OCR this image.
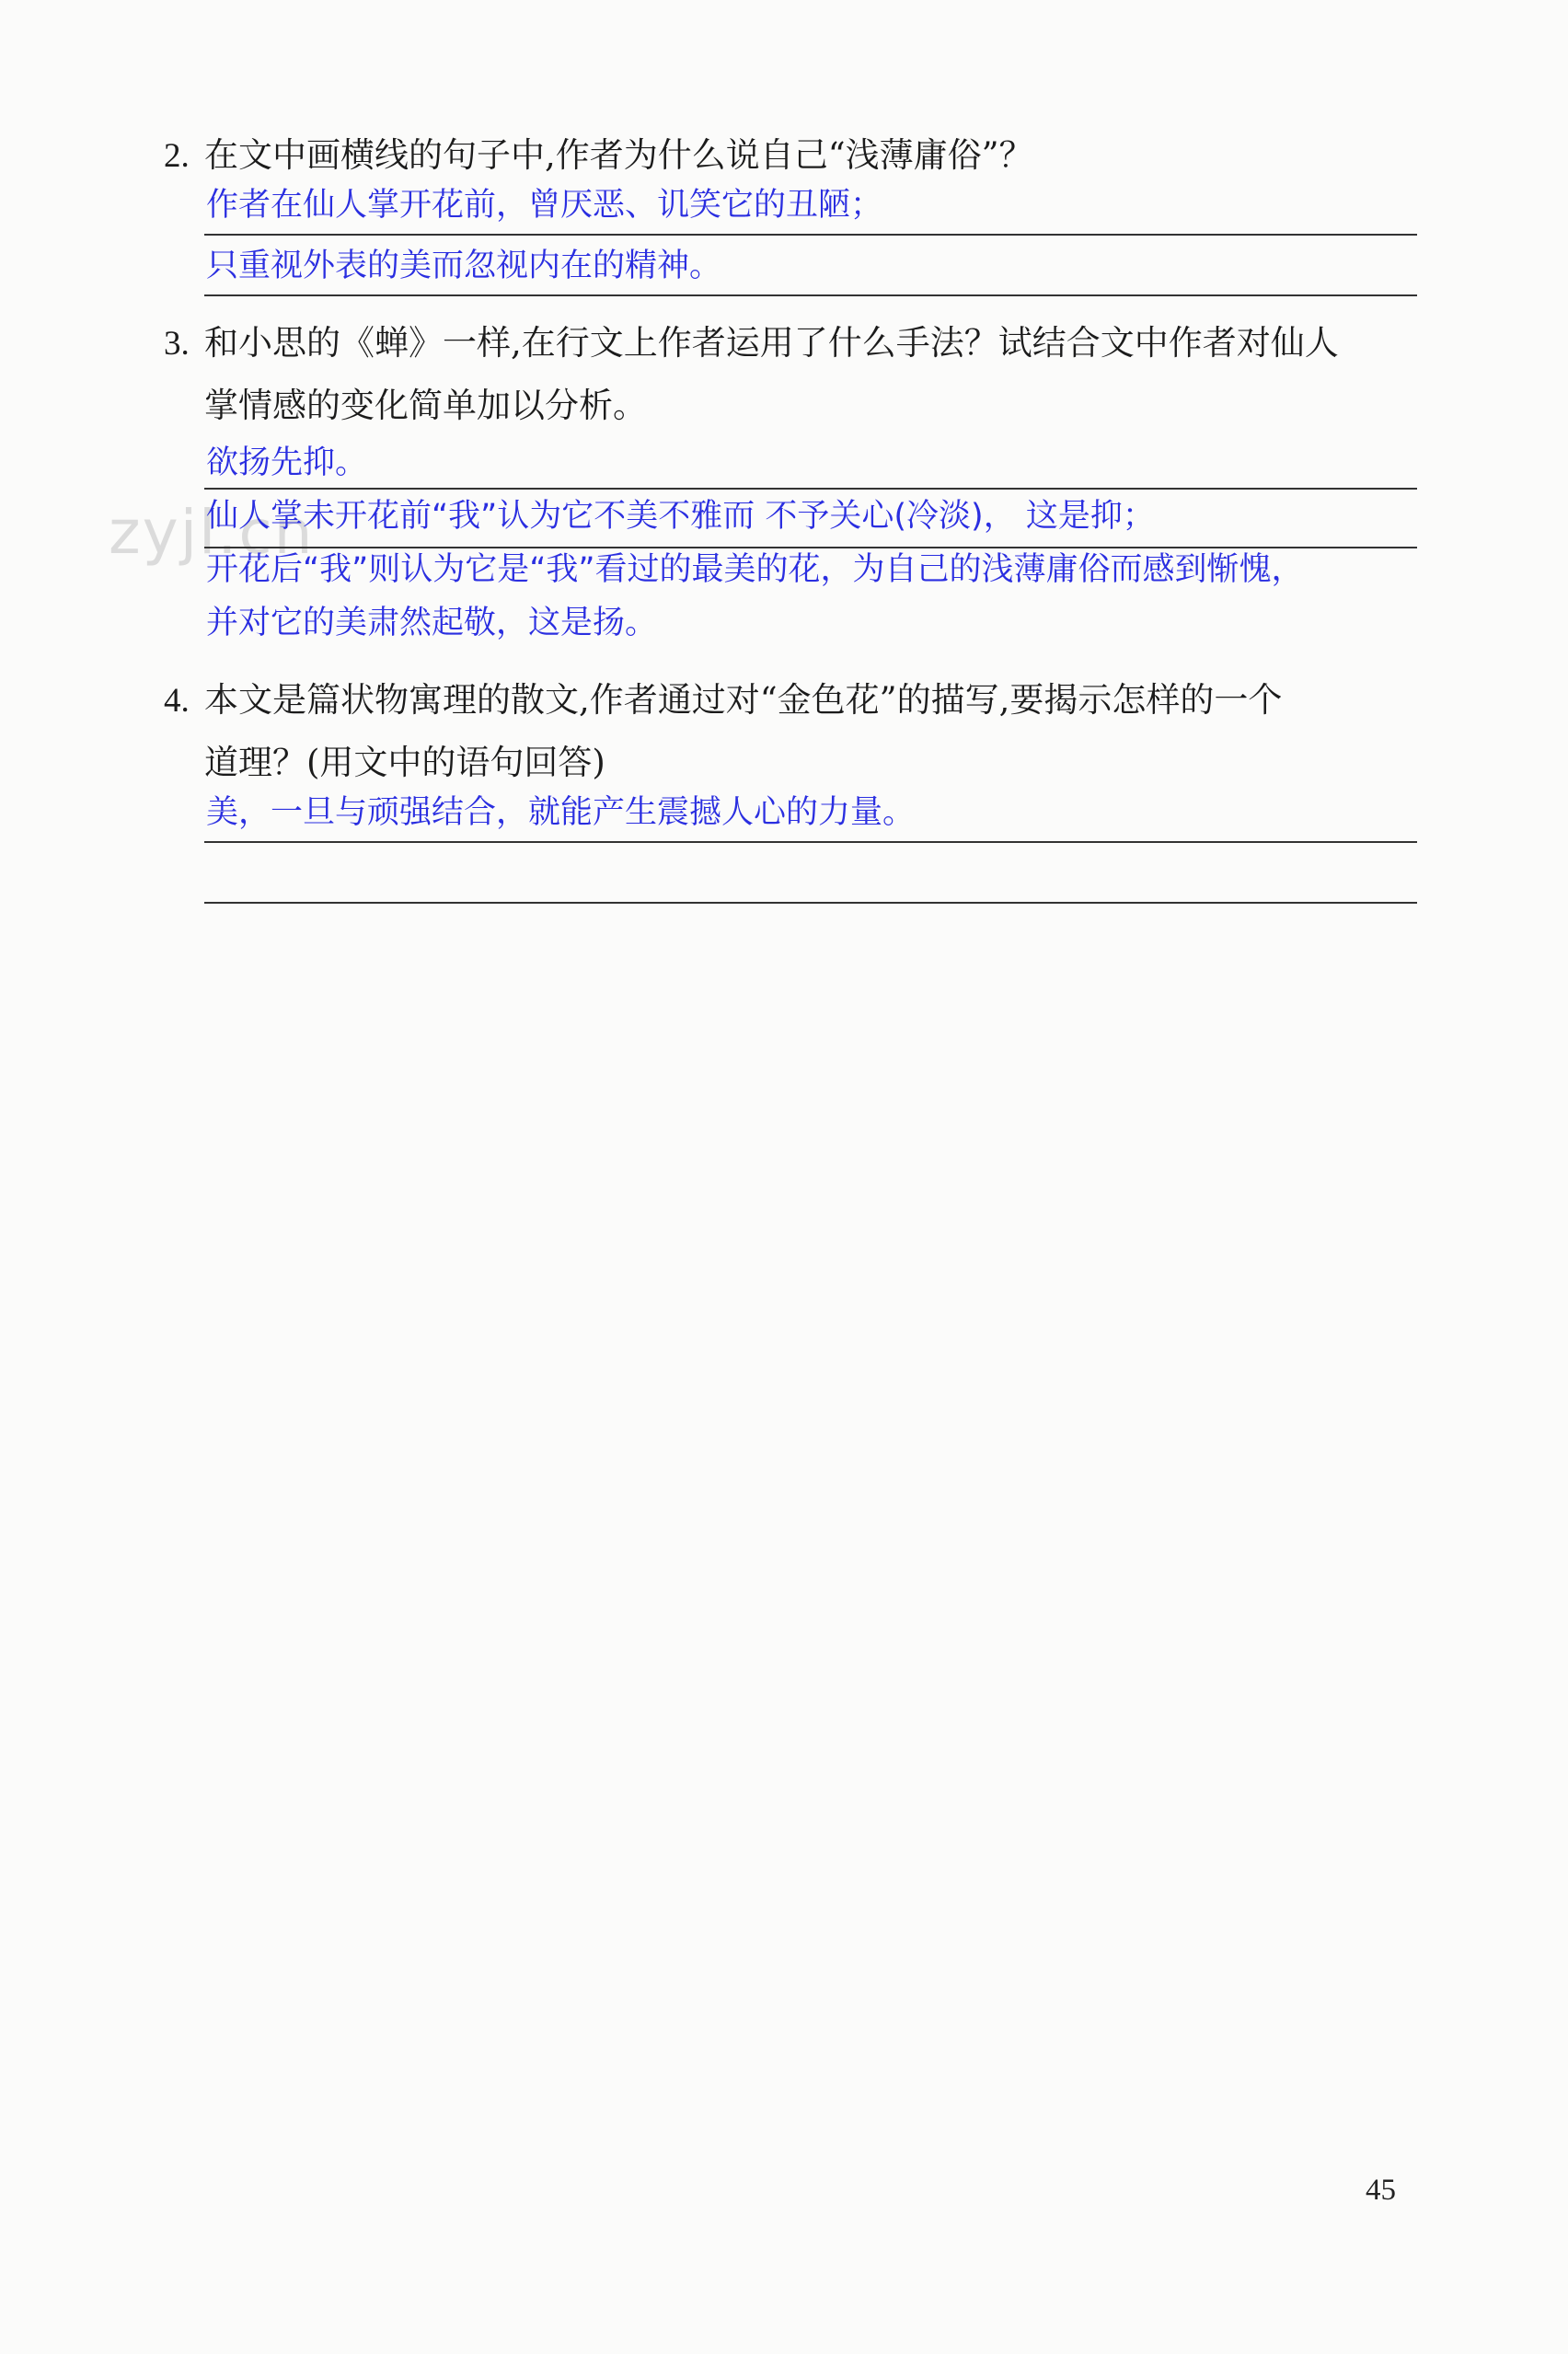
zyjl.cn
2. 在文中画横线的句子中,作者为什么说自己“浅薄庸俗”？
作者在仙人掌开花前，曾厌恶、讥笑它的丑陋；
只重视外表的美而忽视内在的精神。
3. 和小思的《蝉》一样,在行文上作者运用了什么手法？试结合文中作者对仙人
掌情感的变化简单加以分析。
欲扬先抑。
仙人掌未开花前“我”认为它不美不雅而 不予关心(冷淡)， 这是抑；
开花后“我”则认为它是“我”看过的最美的花，为自己的浅薄庸俗而感到惭愧，
并对它的美肃然起敬，这是扬。
4. 本文是篇状物寓理的散文,作者通过对“金色花”的描写,要揭示怎样的一个
道理？(用文中的语句回答)
美，一旦与顽强结合，就能产生震撼人心的力量。
45
